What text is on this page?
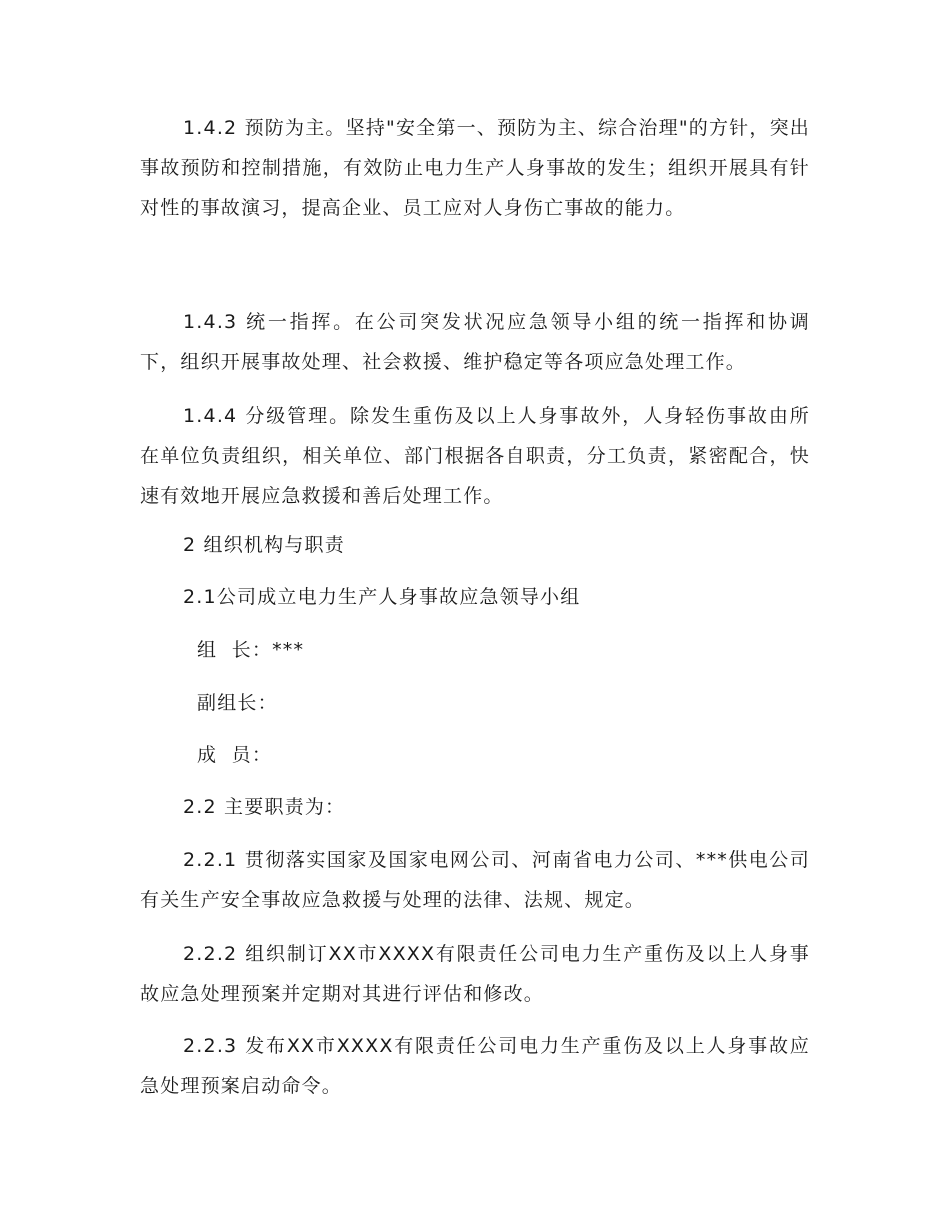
1.4.2 预防为主。坚持"安全第一、预防为主、综合治理"的方针，突出事故预防和控制措施，有效防止电力生产人身事故的发生；组织开展具有针对性的事故演习，提高企业、员工应对人身伤亡事故的能力。

1.4.3 统一指挥。在公司突发状况应急领导小组的统一指挥和协调下，组织开展事故处理、社会救援、维护稳定等各项应急处理工作。

1.4.4 分级管理。除发生重伤及以上人身事故外，人身轻伤事故由所在单位负责组织，相关单位、部门根据各自职责，分工负责，紧密配合，快速有效地开展应急救援和善后处理工作。

2 组织机构与职责

2.1公司成立电力生产人身事故应急领导小组

组  长：***

副组长：

成  员：

2.2 主要职责为：

2.2.1 贯彻落实国家及国家电网公司、河南省电力公司、***供电公司有关生产安全事故应急救援与处理的法律、法规、规定。

2.2.2 组织制订XX市XXXX有限责任公司电力生产重伤及以上人身事故应急处理预案并定期对其进行评估和修改。

2.2.3 发布XX市XXXX有限责任公司电力生产重伤及以上人身事故应急处理预案启动命令。
